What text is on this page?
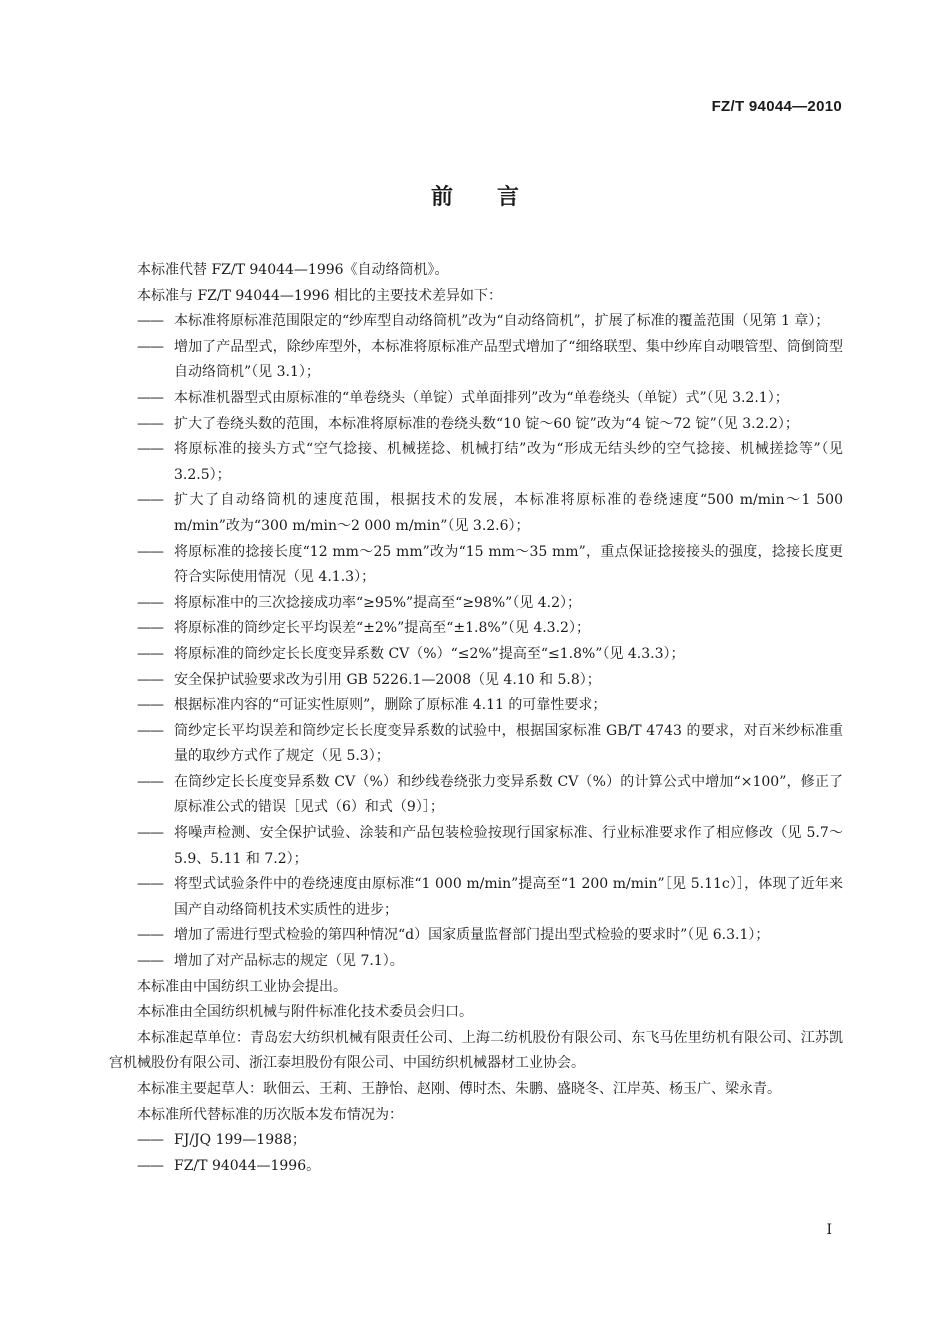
FZ/T 94044—2010
前言

本标准代替 FZ/T 94044—1996《自动络筒机》。

本标准与 FZ/T 94044—1996 相比的主要技术差异如下：

—— 本标准将原标准范围限定的“纱库型自动络筒机”改为“自动络筒机”，扩展了标准的覆盖范围（见第 1 章）；

—— 增加了产品型式，除纱库型外，本标准将原标准产品型式增加了“细络联型、集中纱库自动喂管型、筒倒筒型自动络筒机”（见 3.1）；

—— 本标准机器型式由原标准的“单卷绕头（单锭）式单面排列”改为“单卷绕头（单锭）式”（见 3.2.1）；

—— 扩大了卷绕头数的范围，本标准将原标准的卷绕头数“10 锭～60 锭”改为“4 锭～72 锭”（见 3.2.2）；

—— 将原标准的接头方式“空气捻接、机械搓捻、机械打结”改为“形成无结头纱的空气捻接、机械搓捻等”（见 3.2.5）；

—— 扩大了自动络筒机的速度范围，根据技术的发展，本标准将原标准的卷绕速度“500 m/min～1 500 m/min”改为“300 m/min～2 000 m/min”（见 3.2.6）；

—— 将原标准的捻接长度“12 mm～25 mm”改为“15 mm～35 mm”，重点保证捻接接头的强度，捻接长度更符合实际使用情况（见 4.1.3）；

—— 将原标准中的三次捻接成功率“≥95%”提高至“≥98%”（见 4.2）；

—— 将原标准的筒纱定长平均误差“±2%”提高至“±1.8%”（见 4.3.2）；

—— 将原标准的筒纱定长长度变异系数 CV（%）“≤2%”提高至“≤1.8%”（见 4.3.3）；

—— 安全保护试验要求改为引用 GB 5226.1—2008（见 4.10 和 5.8）；

—— 根据标准内容的“可证实性原则”，删除了原标准 4.11 的可靠性要求；

—— 筒纱定长平均误差和筒纱定长长度变异系数的试验中，根据国家标准 GB/T 4743 的要求，对百米纱标准重量的取纱方式作了规定（见 5.3）；

—— 在筒纱定长长度变异系数 CV（%）和纱线卷绕张力变异系数 CV（%）的计算公式中增加“×100”，修正了原标准公式的错误［见式（6）和式（9）］；

—— 将噪声检测、安全保护试验、涂装和产品包装检验按现行国家标准、行业标准要求作了相应修改（见 5.7～5.9、5.11 和 7.2）；

—— 将型式试验条件中的卷绕速度由原标准“1 000 m/min”提高至“1 200 m/min”［见 5.11c）］，体现了近年来国产自动络筒机技术实质性的进步；

—— 增加了需进行型式检验的第四种情况“d）国家质量监督部门提出型式检验的要求时”（见 6.3.1）；

—— 增加了对产品标志的规定（见 7.1）。

本标准由中国纺织工业协会提出。

本标准由全国纺织机械与附件标准化技术委员会归口。

本标准起草单位：青岛宏大纺织机械有限责任公司、上海二纺机股份有限公司、东飞马佐里纺机有限公司、江苏凯宫机械股份有限公司、浙江泰坦股份有限公司、中国纺织机械器材工业协会。

本标准主要起草人：耿佃云、王莉、王静怡、赵刚、傅时杰、朱鹏、盛晓冬、江岸英、杨玉广、梁永青。

本标准所代替标准的历次版本发布情况为：

—— FJ/JQ 199—1988；

—— FZ/T 94044—1996。

I
